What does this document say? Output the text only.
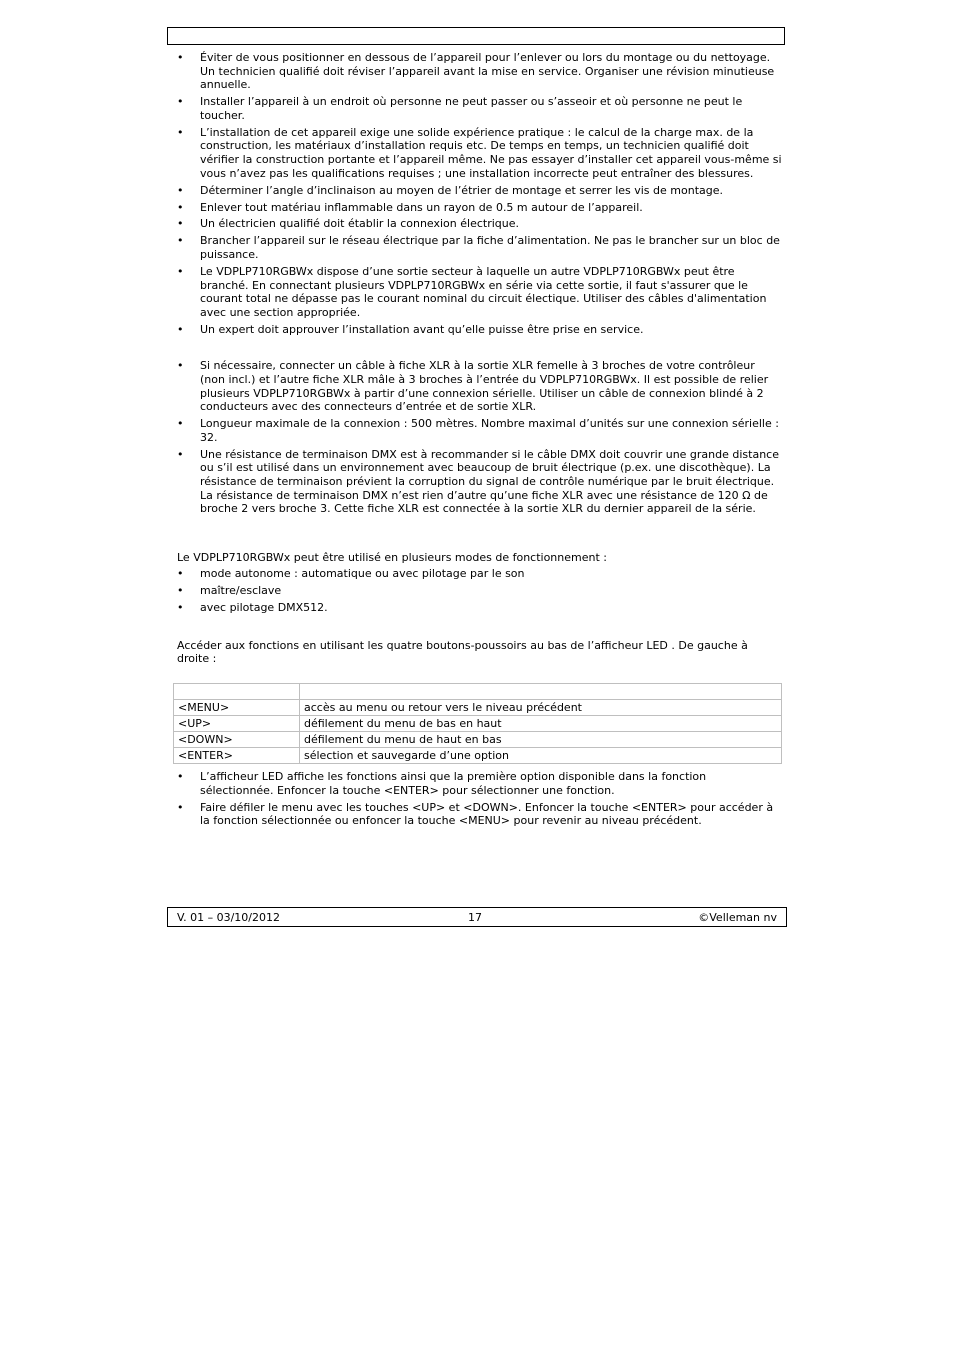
• Éviter de vous positionner en dessous de l’appareil pour l’enlever ou lors du montage ou du nettoyage. Un technicien qualifié doit réviser l’appareil avant la mise en service. Organiser une révision minutieuse annuelle.
• Installer l’appareil à un endroit où personne ne peut passer ou s’asseoir et où personne ne peut le toucher.
• L’installation de cet appareil exige une solide expérience pratique : le calcul de la charge max. de la construction, les matériaux d’installation requis etc. De temps en temps, un technicien qualifié doit vérifier la construction portante et l’appareil même. Ne pas essayer d’installer cet appareil vous-même si vous n’avez pas les qualifications requises ; une installation incorrecte peut entraîner des blessures.
• Déterminer l’angle d’inclinaison au moyen de l’étrier de montage et serrer les vis de montage.
• Enlever tout matériau inflammable dans un rayon de 0.5 m autour de l’appareil.
• Un électricien qualifié doit établir la connexion électrique.
• Brancher l’appareil sur le réseau électrique par la fiche d’alimentation. Ne pas le brancher sur un bloc de puissance.
• Le VDPLP710RGBWx dispose d’une sortie secteur à laquelle un autre VDPLP710RGBWx peut être branché. En connectant plusieurs VDPLP710RGBWx en série via cette sortie, il faut s'assurer que le courant total ne dépasse pas le courant nominal du circuit électique. Utiliser des câbles d'alimentation avec une section appropriée.
• Un expert doit approuver l’installation avant qu’elle puisse être prise en service.
• Si nécessaire, connecter un câble à fiche XLR à la sortie XLR femelle à 3 broches de votre contrôleur (non incl.) et l’autre fiche XLR mâle à 3 broches à l’entrée du VDPLP710RGBWx. Il est possible de relier plusieurs VDPLP710RGBWx à partir d’une connexion sérielle. Utiliser un câble de connexion blindé à 2 conducteurs avec des connecteurs d’entrée et de sortie XLR.
• Longueur maximale de la connexion : 500 mètres. Nombre maximal d’unités sur une connexion sérielle : 32.
• Une résistance de terminaison DMX est à recommander si le câble DMX doit couvrir une grande distance ou s’il est utilisé dans un environnement avec beaucoup de bruit électrique (p.ex. une discothèque). La résistance de terminaison prévient la corruption du signal de contrôle numérique par le bruit électrique. La résistance de terminaison DMX n’est rien d’autre qu’une fiche XLR avec une résistance de 120 Ω de broche 2 vers broche 3. Cette fiche XLR est connectée à la sortie XLR du dernier appareil de la série.

Le VDPLP710RGBWx peut être utilisé en plusieurs modes de fonctionnement :

• mode autonome : automatique ou avec pilotage par le son
• maître/esclave
• avec pilotage DMX512.

Accéder aux fonctions en utilisant les quatre boutons-poussoirs au bas de l’afficheur LED . De gauche à droite :

<MENU>	accès au menu ou retour vers le niveau précédent
<UP>	défilement du menu de bas en haut
<DOWN>	défilement du menu de haut en bas
<ENTER>	sélection et sauvegarde d’une option
• L’afficheur LED affiche les fonctions ainsi que la première option disponible dans la fonction sélectionnée. Enfoncer la touche <ENTER> pour sélectionner une fonction.
• Faire défiler le menu avec les touches <UP> et <DOWN>. Enfoncer la touche <ENTER> pour accéder à la fonction sélectionnée ou enfoncer la touche <MENU> pour revenir au niveau précédent.
V. 01 – 03/10/2012	17	©Velleman nv
